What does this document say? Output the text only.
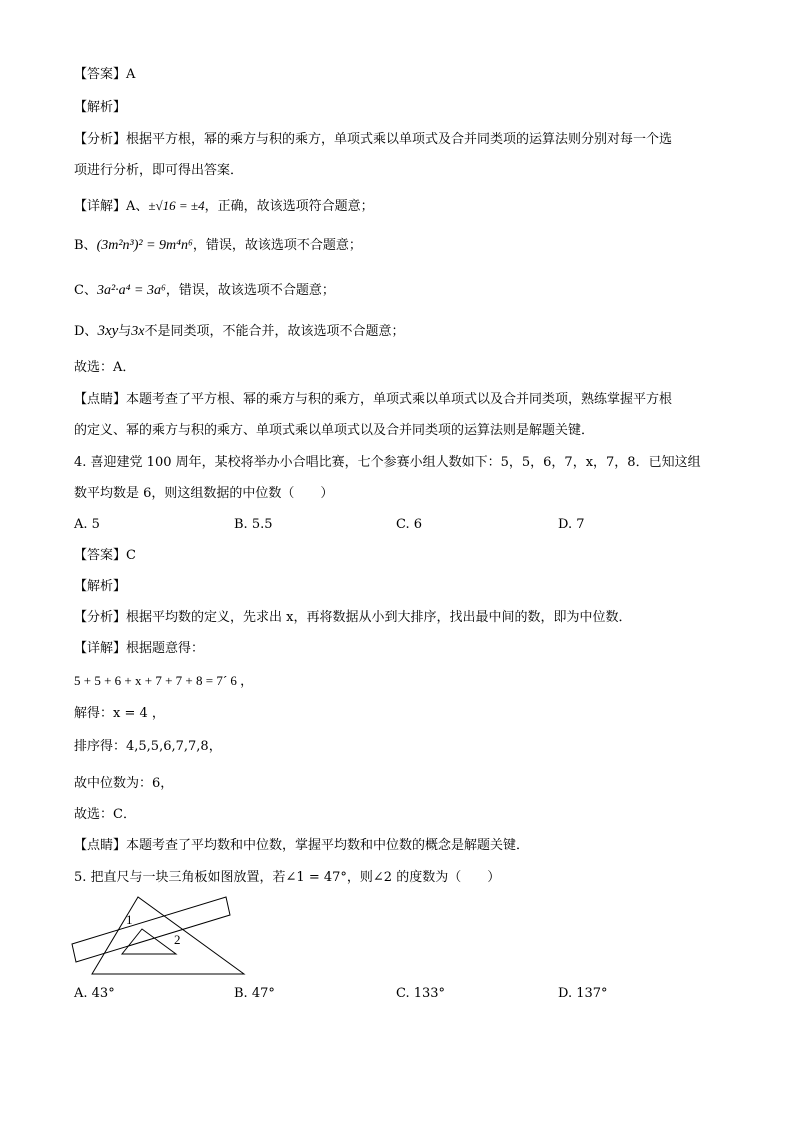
【答案】A
【解析】
【分析】根据平方根，幂的乘方与积的乘方，单项式乘以单项式及合并同类项的运算法则分别对每一个选
项进行分析，即可得出答案．
【详解】A、±√16 = ±4，正确，故该选项符合题意；
B、(3m²n³)² = 9m⁴n⁶，错误，故该选项不合题意；
C、3a²·a⁴ = 3a⁶，错误，故该选项不合题意；
D、3xy与3x不是同类项，不能合并，故该选项不合题意；
故选：A．
【点睛】本题考查了平方根、幂的乘方与积的乘方，单项式乘以单项式以及合并同类项，熟练掌握平方根
的定义、幂的乘方与积的乘方、单项式乘以单项式以及合并同类项的运算法则是解题关键．
4. 喜迎建党 100 周年，某校将举办小合唱比赛，七个参赛小组人数如下：5，5，6，7，x，7，8．已知这组
数平均数是 6，则这组数据的中位数（　　）
A. 5	B. 5.5	C. 6	D. 7
【答案】C
【解析】
【分析】根据平均数的定义，先求出 x，再将数据从小到大排序，找出最中间的数，即为中位数．
【详解】根据题意得：
5 + 5 + 6 + x + 7 + 7 + 8 = 7´ 6 ，
解得：x = 4 ，
排序得：4,5,5,6,7,7,8，
故中位数为：6，
故选：C．
【点睛】本题考查了平均数和中位数，掌握平均数和中位数的概念是解题关键．
5. 把直尺与一块三角板如图放置，若∠1 = 47°，则∠2 的度数为（　　）
1
2
A. 43°	B. 47°	C. 133°	D. 137°
